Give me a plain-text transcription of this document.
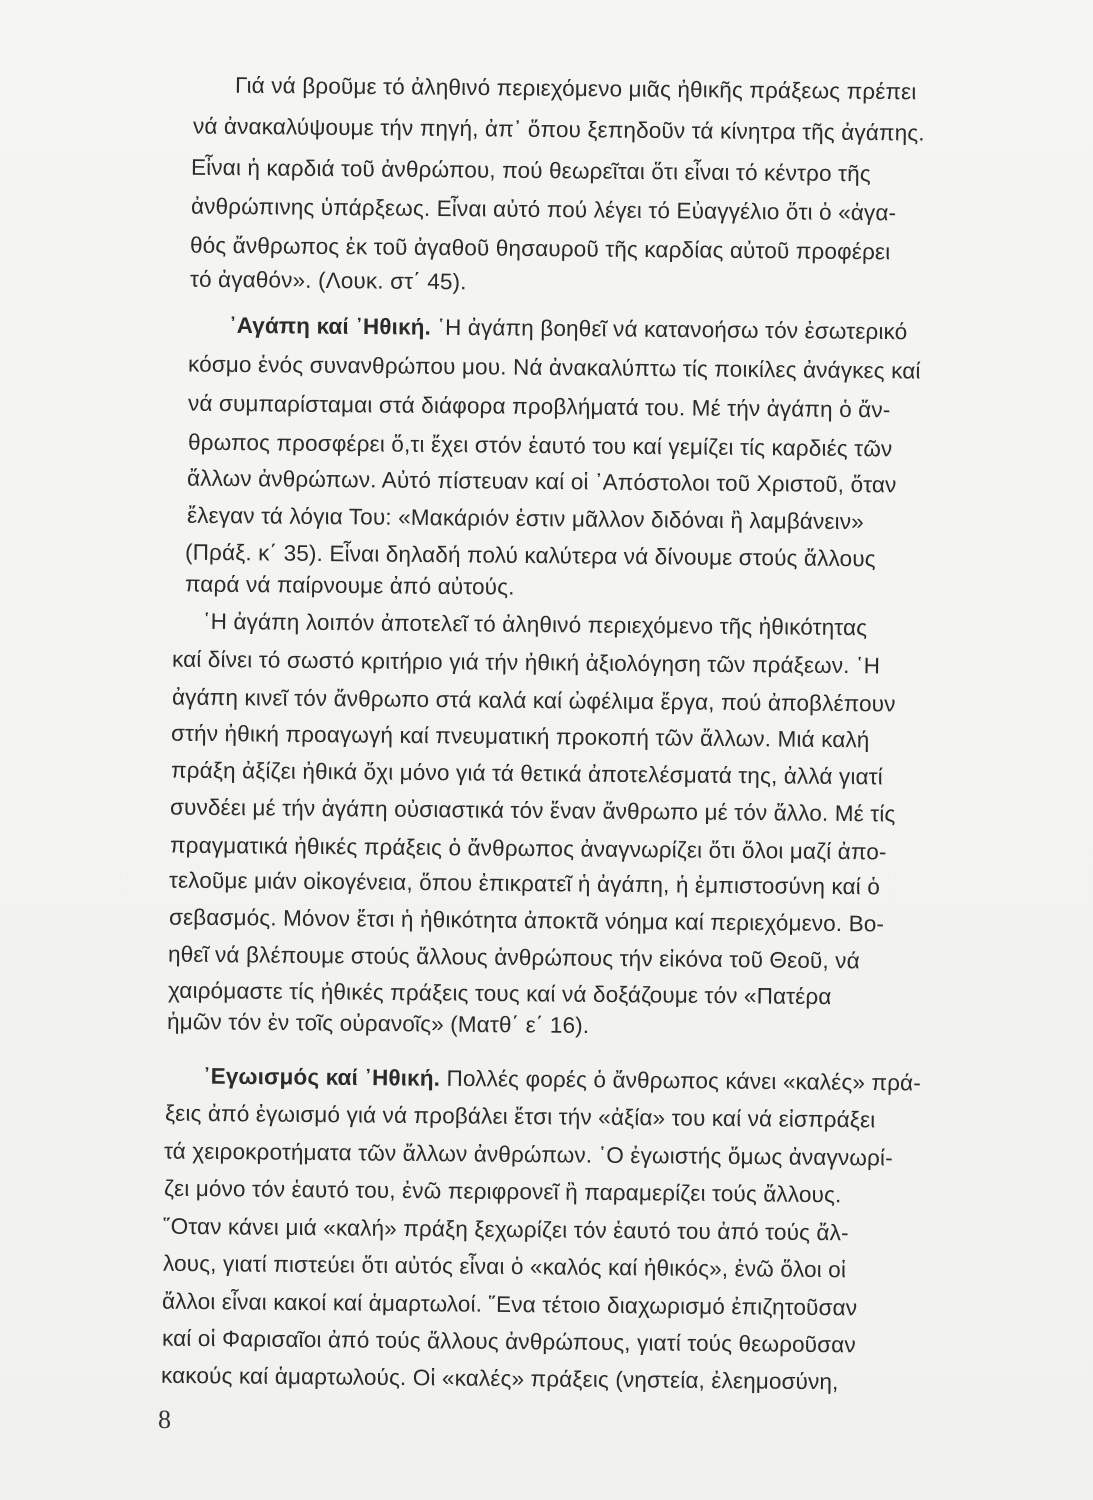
Γιά νά βροῦμε τό ἀληθινό περιεχόμενο μιᾶς ἠθικῆς πράξεως πρέπει
νά ἀνακαλύψουμε τήν πηγή, ἀπ᾽ ὅπου ξεπηδοῦν τά κίνητρα τῆς ἀγάπης.
Εἶναι ἡ καρδιά τοῦ ἀνθρώπου, πού θεωρεῖται ὅτι εἶναι τό κέντρο τῆς
ἀνθρώπινης ὑπάρξεως. Εἶναι αὐτό πού λέγει τό Εὐαγγέλιο ὅτι ὁ «ἀγα-
θός ἄνθρωπος ἐκ τοῦ ἀγαθοῦ θησαυροῦ τῆς καρδίας αὐτοῦ προφέρει
τό ἀγαθόν». (Λουκ. στ΄ 45).
᾽Αγάπη καί ᾽Ηθική. ῾Η ἀγάπη βοηθεῖ νά κατανοήσω τόν ἐσωτερικό
κόσμο ἑνός συνανθρώπου μου. Νά ἀνακαλύπτω τίς ποικίλες ἀνάγκες καί
νά συμπαρίσταμαι στά διάφορα προβλήματά του. Μέ τήν ἀγάπη ὁ ἄν-
θρωπος προσφέρει ὅ,τι ἔχει στόν ἑαυτό του καί γεμίζει τίς καρδιές τῶν
ἄλλων ἀνθρώπων. Αὐτό πίστευαν καί οἱ ᾽Απόστολοι τοῦ Χριστοῦ, ὅταν
ἔλεγαν τά λόγια Του: «Μακάριόν ἐστιν μᾶλλον διδόναι ἢ λαμβάνειν»
(Πράξ. κ΄ 35). Εἶναι δηλαδή πολύ καλύτερα νά δίνουμε στούς ἄλλους
παρά νά παίρνουμε ἀπό αὐτούς.
῾Η ἀγάπη λοιπόν ἀποτελεῖ τό ἀληθινό περιεχόμενο τῆς ἠθικότητας
καί δίνει τό σωστό κριτήριο γιά τήν ἠθική ἀξιολόγηση τῶν πράξεων. ῾Η
ἀγάπη κινεῖ τόν ἄνθρωπο στά καλά καί ὠφέλιμα ἔργα, πού ἀποβλέπουν
στήν ἠθική προαγωγή καί πνευματική προκοπή τῶν ἄλλων. Μιά καλή
πράξη ἀξίζει ἠθικά ὄχι μόνο γιά τά θετικά ἀποτελέσματά της, ἀλλά γιατί
συνδέει μέ τήν ἀγάπη οὐσιαστικά τόν ἕναν ἄνθρωπο μέ τόν ἄλλο. Μέ τίς
πραγματικά ἠθικές πράξεις ὁ ἄνθρωπος ἀναγνωρίζει ὅτι ὅλοι μαζί ἀπο-
τελοῦμε μιάν οἰκογένεια, ὅπου ἐπικρατεῖ ἡ ἀγάπη, ἡ ἐμπιστοσύνη καί ὁ
σεβασμός. Μόνον ἔτσι ἡ ἠθικότητα ἀποκτᾶ νόημα καί περιεχόμενο. Βο-
ηθεῖ νά βλέπουμε στούς ἄλλους ἀνθρώπους τήν εἰκόνα τοῦ Θεοῦ, νά
χαιρόμαστε τίς ἠθικές πράξεις τους καί νά δοξάζουμε τόν «Πατέρα
ἡμῶν τόν ἐν τοῖς οὐρανοῖς» (Ματθ΄ ε΄ 16).
᾽Εγωισμός καί ᾽Ηθική. Πολλές φορές ὁ ἄνθρωπος κάνει «καλές» πρά-
ξεις ἀπό ἐγωισμό γιά νά προβάλει ἔτσι τήν «ἀξία» του καί νά εἰσπράξει
τά χειροκροτήματα τῶν ἄλλων ἀνθρώπων. ῾Ο ἐγωιστής ὅμως ἀναγνωρί-
ζει μόνο τόν ἑαυτό του, ἐνῶ περιφρονεῖ ἢ παραμερίζει τούς ἄλλους.
῞Οταν κάνει μιά «καλή» πράξη ξεχωρίζει τόν ἑαυτό του ἀπό τούς ἄλ-
λους, γιατί πιστεύει ὅτι αὐτός εἶναι ὁ «καλός καί ἠθικός», ἐνῶ ὅλοι οἱ
ἄλλοι εἶναι κακοί καί ἁμαρτωλοί. ῞Ενα τέτοιο διαχωρισμό ἐπιζητοῦσαν
καί οἱ Φαρισαῖοι ἀπό τούς ἄλλους ἀνθρώπους, γιατί τούς θεωροῦσαν
κακούς καί ἁμαρτωλούς. Οἱ «καλές» πράξεις (νηστεία, ἐλεημοσύνη,
8
